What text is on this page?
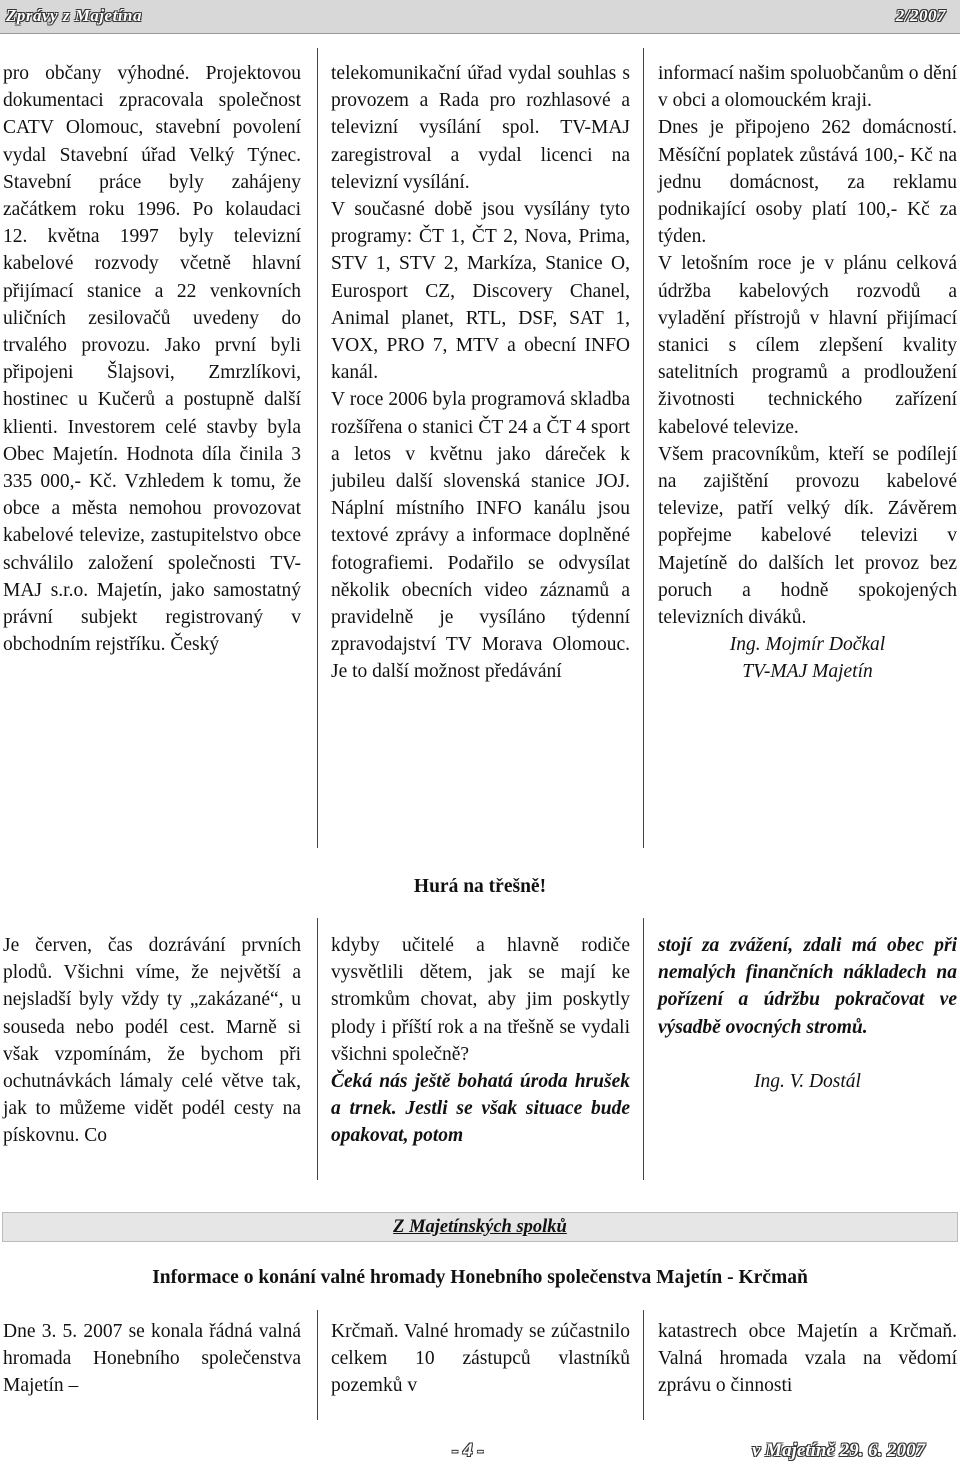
Zprávy z Majetína	2/2007

pro občany výhodné. Projektovou dokumentaci zpracovala společnost CATV Olomouc, stavební povolení vydal Stavební úřad Velký Týnec. Stavební práce byly zahájeny začátkem roku 1996. Po kolaudaci 12. května 1997 byly televizní kabelové rozvody včetně hlavní přijímací stanice a 22 venkovních uličních zesilovačů uvedeny do trvalého provozu. Jako první byli připojeni Šlajsovi, Zmrzlíkovi, hostinec u Kučerů a postupně další klienti. Investorem celé stavby byla Obec Majetín. Hodnota díla činila 3 335 000,- Kč. Vzhledem k tomu, že obce a města nemohou provozovat kabelové televize, zastupitelstvo obce schválilo založení společnosti TV-MAJ s.r.o. Majetín, jako samostatný právní subjekt registrovaný v obchodním rejstříku. Český

telekomunikační úřad vydal souhlas s provozem a Rada pro rozhlasové a televizní vysílání spol. TV-MAJ zaregistroval a vydal licenci na televizní vysílání.

V současné době jsou vysílány tyto programy: ČT 1, ČT 2, Nova, Prima, STV 1, STV 2, Markíza, Stanice O, Eurosport CZ, Discovery Chanel, Animal planet, RTL, DSF, SAT 1, VOX, PRO 7, MTV a obecní INFO kanál.

V roce 2006 byla programová skladba rozšířena o stanici ČT 24 a ČT 4 sport a letos v květnu jako dáreček k jubileu další slovenská stanice JOJ. Náplní místního INFO kanálu jsou textové zprávy a informace doplněné fotografiemi. Podařilo se odvysílat několik obecních video záznamů a pravidelně je vysíláno týdenní zpravodajství TV Morava Olomouc. Je to další možnost předávání

informací našim spoluobčanům o dění v obci a olomouckém kraji.

Dnes je připojeno 262 domácností. Měsíční poplatek zůstává 100,- Kč na jednu domácnost, za reklamu podnikající osoby platí 100,- Kč za týden.

V letošním roce je v plánu celková údržba kabelových rozvodů a vyladění přístrojů v hlavní přijímací stanici s cílem zlepšení kvality satelitních programů a prodloužení životnosti technického zařízení kabelové televize.

Všem pracovníkům, kteří se podílejí na zajištění provozu kabelové televize, patří velký dík. Závěrem popřejme kabelové televizi v Majetíně do dalších let provoz bez poruch a hodně spokojených televizních diváků.

Ing. Mojmír Dočkal

TV-MAJ Majetín

Hurá na třešně!

Je červen, čas dozrávání prvních plodů. Všichni víme, že největší a nejsladší byly vždy ty „zakázané“, u souseda nebo podél cest. Marně si však vzpomínám, že bychom při ochutnávkách lámaly celé větve tak, jak to můžeme vidět podél cesty na pískovnu. Co

kdyby učitelé a hlavně rodiče vysvětlili dětem, jak se mají ke stromkům chovat, aby jim poskytly plody i příští rok a na třešně se vydali všichni společně?

Čeká nás ještě bohatá úroda hrušek a trnek. Jestli se však situace bude opakovat, potom

stojí za zvážení, zdali má obec při nemalých finančních nákladech na pořízení a údržbu pokračovat ve výsadbě ovocných stromů.

Ing. V. Dostál

Z Majetínských spolků
Informace o konání valné hromady Honebního společenstva Majetín - Krčmaň

Dne 3. 5. 2007 se konala řádná valná hromada Honebního společenstva Majetín –

Krčmaň. Valné hromady se zúčastnilo celkem 10 zástupců vlastníků pozemků v

katastrech obce Majetín a Krčmaň. Valná hromada vzala na vědomí zprávu o činnosti

- 4 -	v Majetíně 29. 6. 2007
